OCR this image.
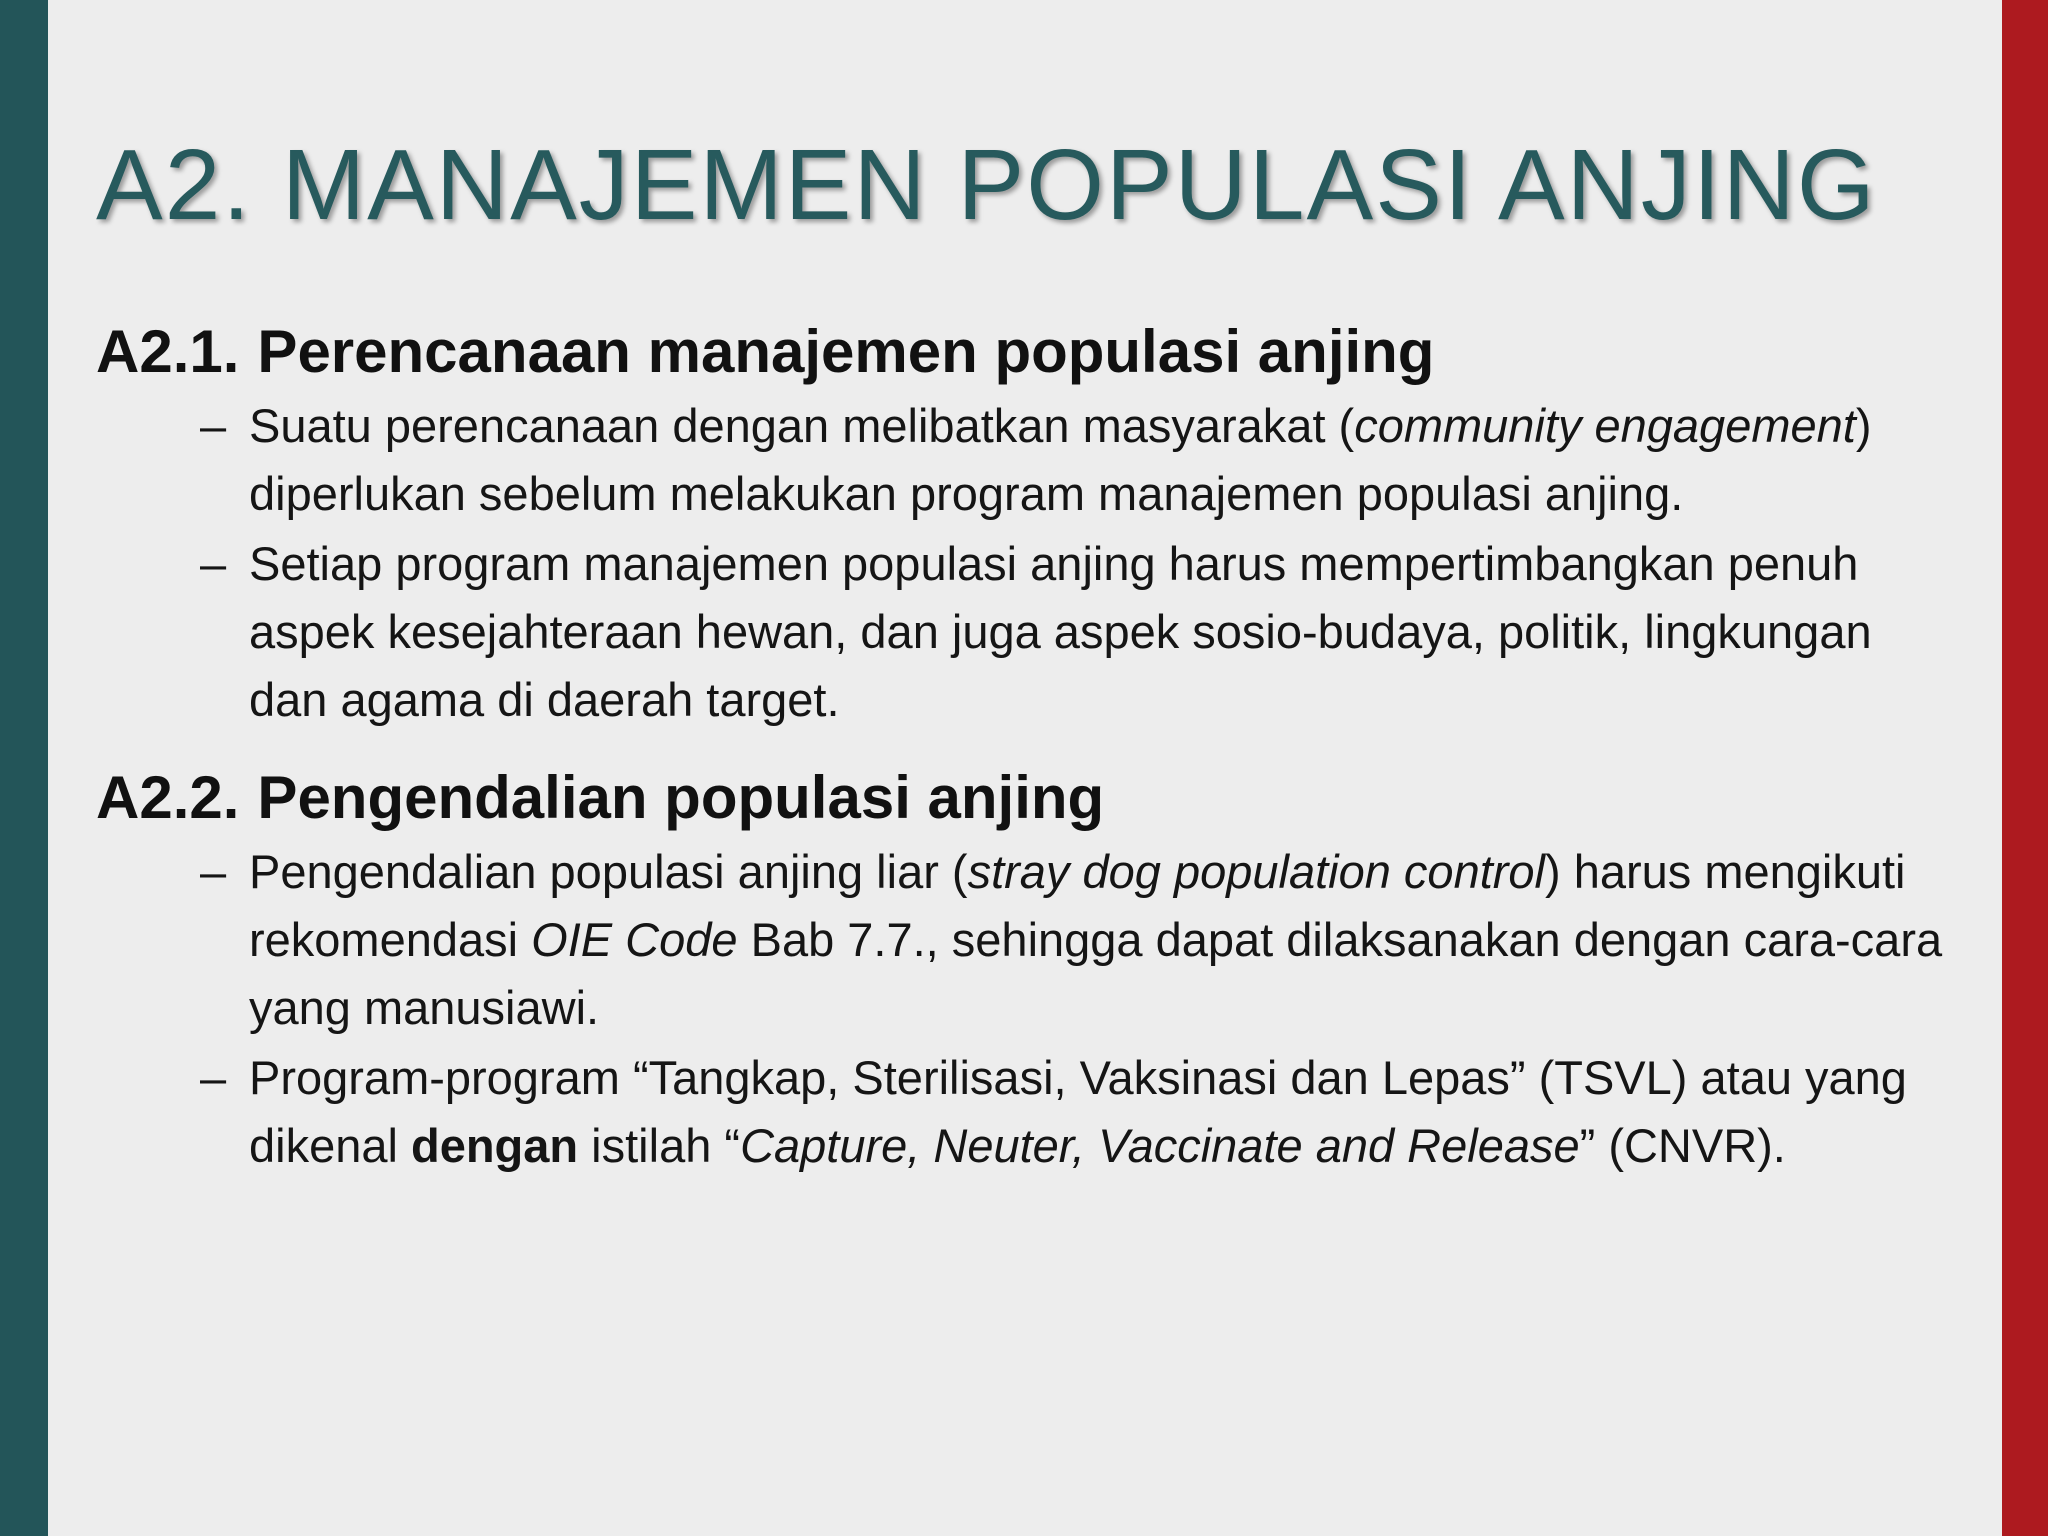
A2. MANAJEMEN POPULASI ANJING

A2.1. Perencanaan manajemen populasi anjing

– Suatu perencanaan dengan melibatkan masyarakat (community engagement) diperlukan sebelum melakukan program manajemen populasi anjing.
– Setiap program manajemen populasi anjing harus mempertimbangkan penuh aspek kesejahteraan hewan, dan juga aspek sosio-budaya, politik, lingkungan dan agama di daerah target.

A2.2. Pengendalian populasi anjing

– Pengendalian populasi anjing liar (stray dog population control) harus mengikuti rekomendasi OIE Code Bab 7.7., sehingga dapat dilaksanakan dengan cara-cara yang manusiawi.
– Program-program “Tangkap, Sterilisasi, Vaksinasi dan Lepas” (TSVL) atau yang dikenal dengan istilah “Capture, Neuter, Vaccinate and Release” (CNVR).
